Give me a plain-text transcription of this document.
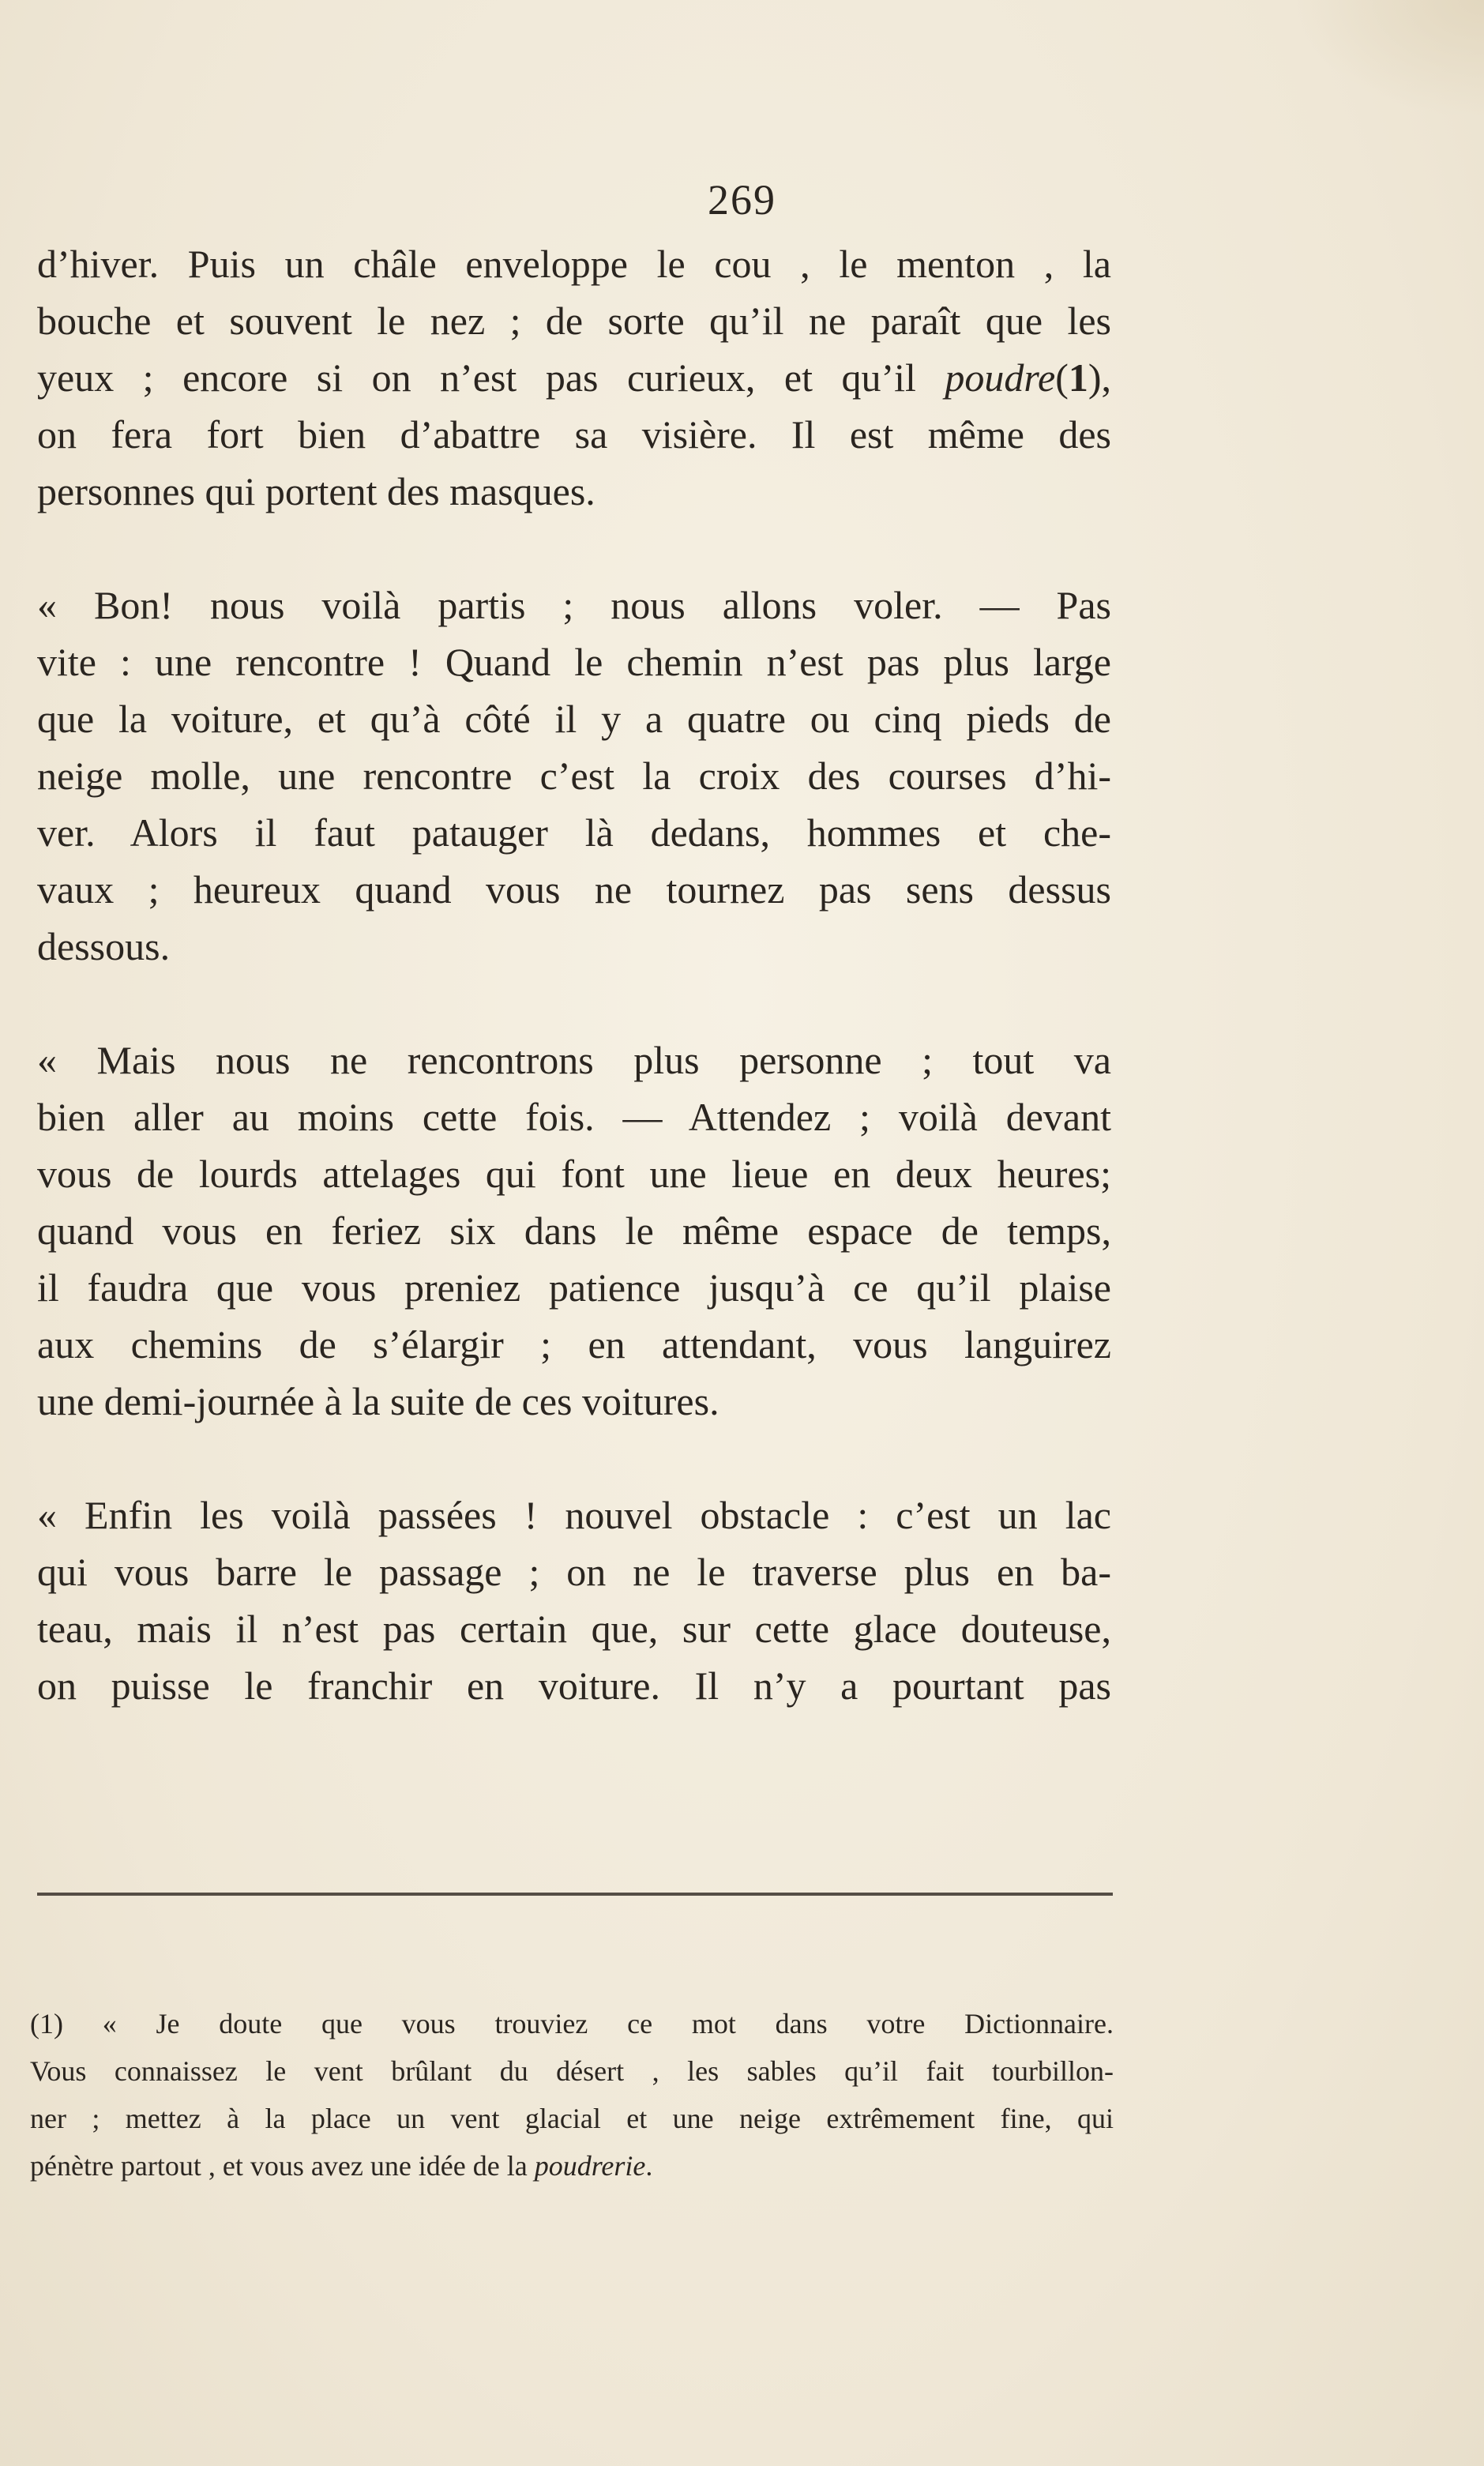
269
d’hiver. Puis un châle enveloppe le cou , le menton , la
bouche et souvent le nez ; de sorte qu’il ne paraît que les
yeux ; encore si on n’est pas curieux, et qu’il poudre(1),
on fera fort bien d’abattre sa visière. Il est même des
personnes qui portent des masques.
« Bon! nous voilà partis ; nous allons voler. — Pas
vite : une rencontre ! Quand le chemin n’est pas plus large
que la voiture, et qu’à côté il y a quatre ou cinq pieds de
neige molle, une rencontre c’est la croix des courses d’hi-
ver. Alors il faut patauger là dedans, hommes et che-
vaux ; heureux quand vous ne tournez pas sens dessus
dessous.
« Mais nous ne rencontrons plus personne ; tout va
bien aller au moins cette fois. — Attendez ; voilà devant
vous de lourds attelages qui font une lieue en deux heures;
quand vous en feriez six dans le même espace de temps,
il faudra que vous preniez patience jusqu’à ce qu’il plaise
aux chemins de s’élargir ; en attendant, vous languirez
une demi-journée à la suite de ces voitures.
« Enfin les voilà passées ! nouvel obstacle : c’est un lac
qui vous barre le passage ; on ne le traverse plus en ba-
teau, mais il n’est pas certain que, sur cette glace douteuse,
on puisse le franchir en voiture. Il n’y a pourtant pas
(1) « Je doute que vous trouviez ce mot dans votre Dictionnaire.
Vous connaissez le vent brûlant du désert , les sables qu’il fait tourbillon-
ner ; mettez à la place un vent glacial et une neige extrêmement fine, qui
pénètre partout , et vous avez une idée de la poudrerie.
